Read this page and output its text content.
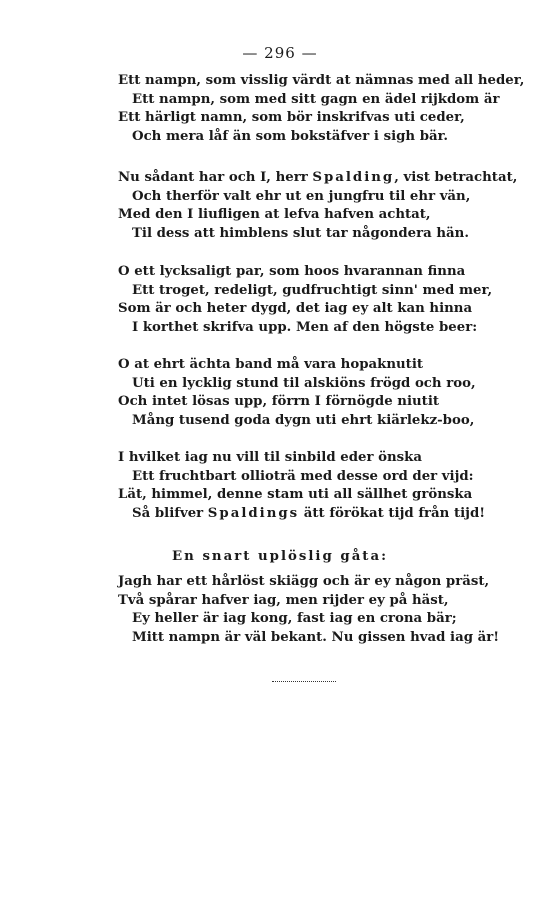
— 296 —
Ett nampn, som visslig värdt at nämnas med all heder,
Ett nampn, som med sitt gagn en ädel rijkdom är
Ett härligt namn, som bör inskrifvas uti ceder,
Och mera låf än som bokstäfver i sigh bär.
Nu sådant har och I, herr Spalding, vist betrachtat,
Och therför valt ehr ut en jungfru til ehr vän,
Med den I liufligen at lefva hafven achtat,
Til dess att himblens slut tar någondera hän.
O ett lycksaligt par, som hoos hvarannan finna
Ett troget, redeligt, gudfruchtigt sinn' med mer,
Som är och heter dygd, det iag ey alt kan hinna
I korthet skrifva upp. Men af den högste beer:
O at ehrt ächta band må vara hopaknutit
Uti en lycklig stund til alskiöns frögd och roo,
Och intet lösas upp, förrn I förnögde niutit
Mång tusend goda dygn uti ehrt kiärlekz-boo,
I hvilket iag nu vill til sinbild eder önska
Ett fruchtbart ollioträ med desse ord der vijd:
Lät, himmel, denne stam uti all sällhet grönska
Så blifver Spaldings ätt förökat tijd från tijd!
En snart uplöslig gåta:
Jagh har ett hårlöst skiägg och är ey någon präst,
Två spårar hafver iag, men rijder ey på häst,
Ey heller är iag kong, fast iag en crona bär;
Mitt nampn är väl bekant. Nu gissen hvad iag är!
